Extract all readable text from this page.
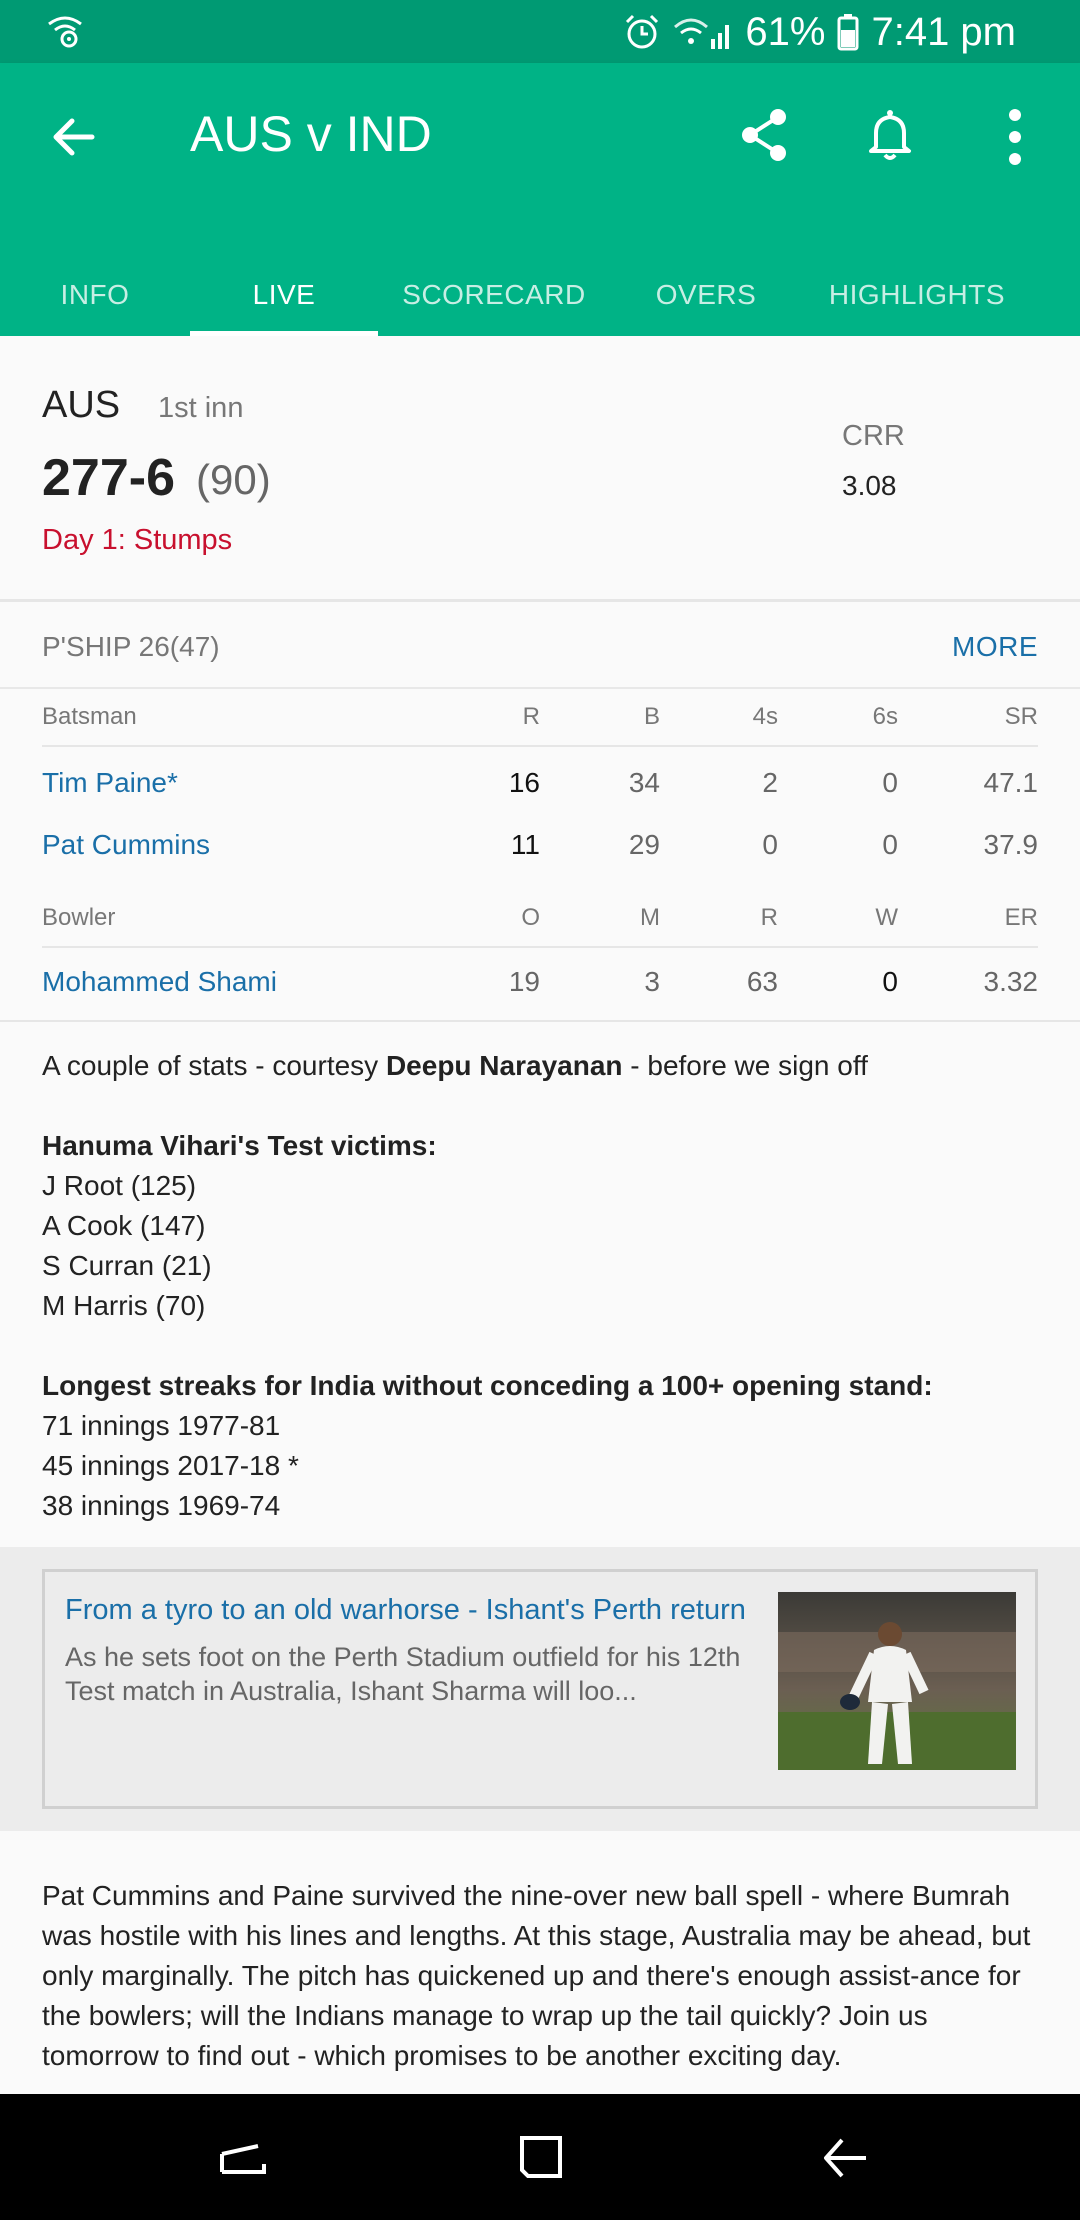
61% 7:41 pm
AUS v IND
INFO	LIVE	SCORECARD	OVERS	HIGHLIGHTS
AUS 1st inn
277-6 (90)
Day 1: Stumps
CRR
3.08
P'SHIP 26(47)	MORE
Batsman	R	B	4s	6s	SR
Tim Paine*	16	34	2	0	47.1
Pat Cummins	11	29	0	0	37.9
Bowler	O	M	R	W	ER
Mohammed Shami	19	3	63	0	3.32
A couple of stats - courtesy Deepu Narayanan - before we sign off
Hanuma Vihari's Test victims:
J Root (125)
A Cook (147)
S Curran (21)
M Harris (70)
Longest streaks for India without conceding a 100+ opening stand:
71 innings 1977-81
45 innings 2017-18 *
38 innings 1969-74
From a tyro to an old warhorse - Ishant's Perth return
As he sets foot on the Perth Stadium outfield for his 12th Test match in Australia, Ishant Sharma will loo...
Pat Cummins and Paine survived the nine-over new ball spell - where Bumrah was hostile with his lines and lengths. At this stage, Australia may be ahead, but only marginally. The pitch has quickened up and there's enough assist-ance for the bowlers; will the Indians manage to wrap up the tail quickly? Join us tomorrow to find out - which promises to be another exciting day.
